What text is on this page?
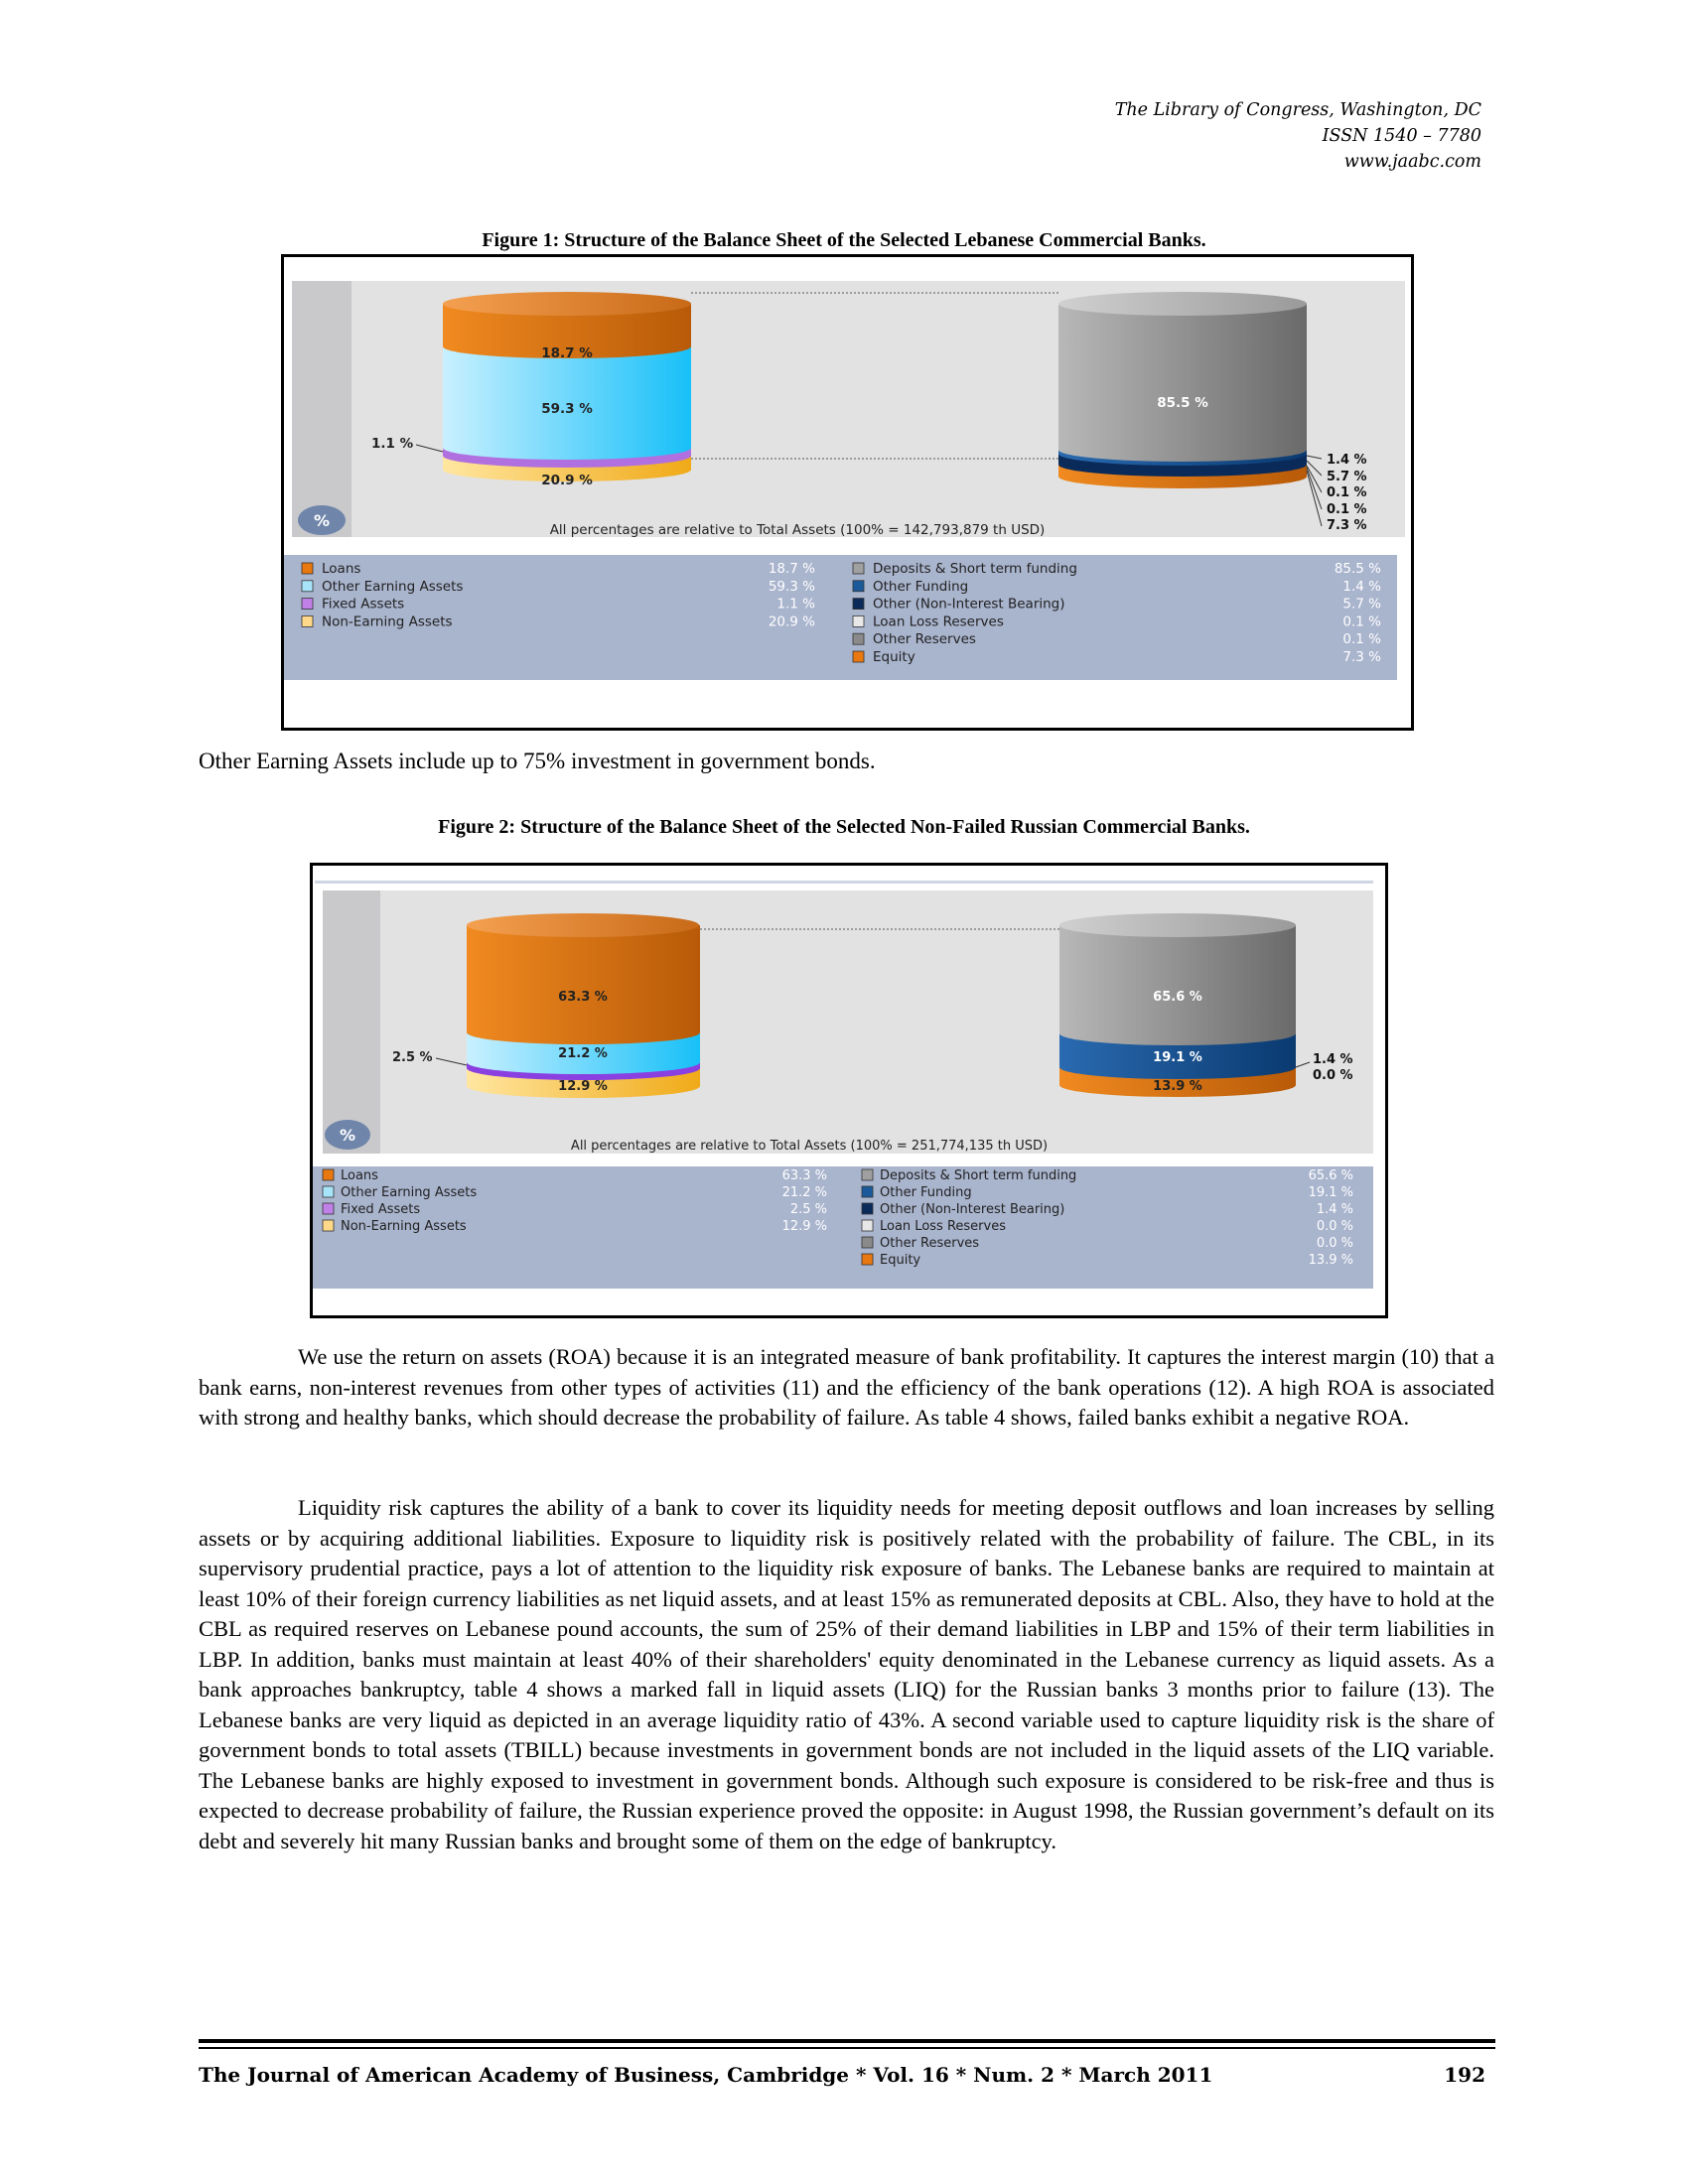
The Library of Congress, Washington, DC
ISSN 1540 – 7780
www.jaabc.com
Figure 1: Structure of the Balance Sheet of the Selected Lebanese Commercial Banks.
18.7 %
59.3 %
20.9 %
1.1 %
85.5 %
1.4 %
5.7 %
0.1 %
0.1 %
7.3 %
%	All percentages are relative to Total Assets (100% = 142,793,879 th USD)
Loans	18.7 %
Other Earning Assets	59.3 %
Fixed Assets	1.1 %
Non-Earning Assets	20.9 %
Deposits & Short term funding	85.5 %
Other Funding	1.4 %
Other (Non-Interest Bearing)	5.7 %
Loan Loss Reserves	0.1 %
Other Reserves	0.1 %
Equity	7.3 %
Other Earning Assets include up to 75% investment in government bonds.
Figure 2: Structure of the Balance Sheet of the Selected Non-Failed Russian Commercial Banks.
63.3 %
21.2 %
12.9 %
2.5 %
65.6 %
19.1 %
13.9 %
1.4 %
0.0 %
%
All percentages are relative to Total Assets (100% = 251,774,135 th USD)
Loans	63.3 %
Other Earning Assets	21.2 %
Fixed Assets	2.5 %
Non-Earning Assets	12.9 %
Deposits & Short term funding	65.6 %
Other Funding	19.1 %
Other (Non-Interest Bearing)	1.4 %
Loan Loss Reserves	0.0 %
Other Reserves	0.0 %
Equity	13.9 %

We use the return on assets (ROA) because it is an integrated measure of bank profitability. It captures the interest margin (10) that a bank earns, non-interest revenues from other types of activities (11) and the efficiency of the bank operations (12). A high ROA is associated with strong and healthy banks, which should decrease the probability of failure. As table 4 shows, failed banks exhibit a negative ROA.

Liquidity risk captures the ability of a bank to cover its liquidity needs for meeting deposit outflows and loan increases by selling assets or by acquiring additional liabilities. Exposure to liquidity risk is positively related with the probability of failure. The CBL, in its supervisory prudential practice, pays a lot of attention to the liquidity risk exposure of banks. The Lebanese banks are required to maintain at least 10% of their foreign currency liabilities as net liquid assets, and at least 15% as remunerated deposits at CBL. Also, they have to hold at the CBL as required reserves on Lebanese pound accounts, the sum of 25% of their demand liabilities in LBP and 15% of their term liabilities in LBP. In addition, banks must maintain at least 40% of their shareholders' equity denominated in the Lebanese currency as liquid assets. As a bank approaches bankruptcy, table 4 shows a marked fall in liquid assets (LIQ) for the Russian banks 3 months prior to failure (13). The Lebanese banks are very liquid as depicted in an average liquidity ratio of 43%. A second variable used to capture liquidity risk is the share of government bonds to total assets (TBILL) because investments in government bonds are not included in the liquid assets of the LIQ variable. The Lebanese banks are highly exposed to investment in government bonds. Although such exposure is considered to be risk-free and thus is expected to decrease probability of failure, the Russian experience proved the opposite: in August 1998, the Russian government’s default on its debt and severely hit many Russian banks and brought some of them on the edge of bankruptcy.

The Journal of American Academy of Business, Cambridge * Vol. 16 * Num. 2 * March 2011	192
